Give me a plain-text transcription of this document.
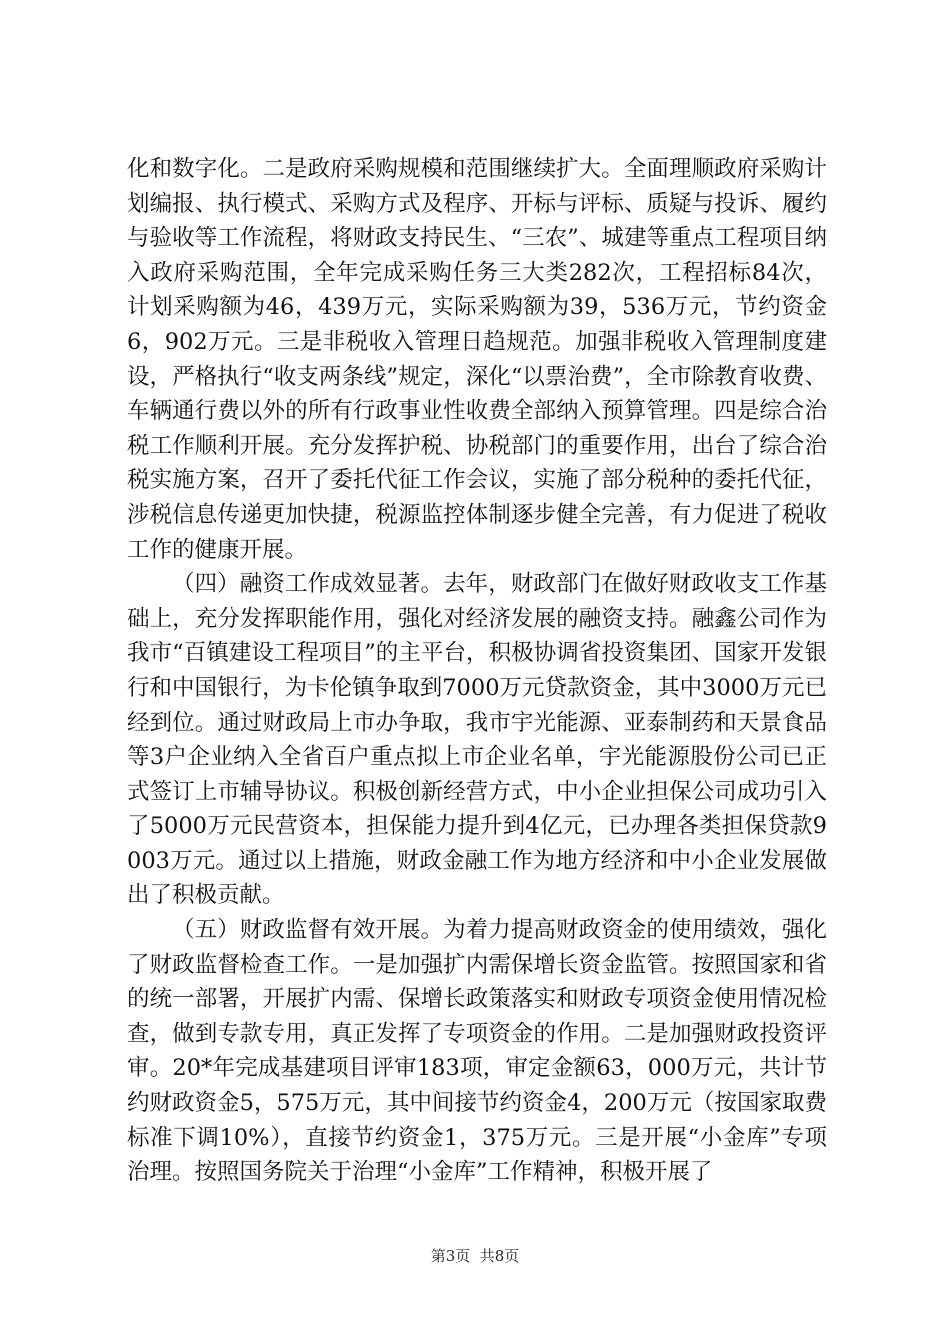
化和数字化。二是政府采购规模和范围继续扩大。全面理顺政府采购计划编报、执行模式、采购方式及程序、开标与评标、质疑与投诉、履约与验收等工作流程，将财政支持民生、“三农”、城建等重点工程项目纳入政府采购范围，全年完成采购任务三大类282次，工程招标84次，计划采购额为46，439万元，实际采购额为39，536万元，节约资金6，902万元。三是非税收入管理日趋规范。加强非税收入管理制度建设，严格执行“收支两条线”规定，深化“以票治费”，全市除教育收费、车辆通行费以外的所有行政事业性收费全部纳入预算管理。四是综合治税工作顺利开展。充分发挥护税、协税部门的重要作用，出台了综合治税实施方案，召开了委托代征工作会议，实施了部分税种的委托代征，涉税信息传递更加快捷，税源监控体制逐步健全完善，有力促进了税收工作的健康开展。

（四）融资工作成效显著。去年，财政部门在做好财政收支工作基础上，充分发挥职能作用，强化对经济发展的融资支持。融鑫公司作为我市“百镇建设工程项目”的主平台，积极协调省投资集团、国家开发银行和中国银行，为卡伦镇争取到7000万元贷款资金，其中3000万元已经到位。通过财政局上市办争取，我市宇光能源、亚泰制药和天景食品等3户企业纳入全省百户重点拟上市企业名单，宇光能源股份公司已正式签订上市辅导协议。积极创新经营方式，中小企业担保公司成功引入了5000万元民营资本，担保能力提升到4亿元，已办理各类担保贷款9003万元。通过以上措施，财政金融工作为地方经济和中小企业发展做出了积极贡献。

（五）财政监督有效开展。为着力提高财政资金的使用绩效，强化了财政监督检查工作。一是加强扩内需保增长资金监管。按照国家和省的统一部署，开展扩内需、保增长政策落实和财政专项资金使用情况检查，做到专款专用，真正发挥了专项资金的作用。二是加强财政投资评审。20*年完成基建项目评审183项，审定金额63，000万元，共计节约财政资金5，575万元，其中间接节约资金4，200万元（按国家取费标准下调10%），直接节约资金1，375万元。三是开展“小金库”专项治理。按照国务院关于治理“小金库”工作精神，积极开展了

第3页  共8页
